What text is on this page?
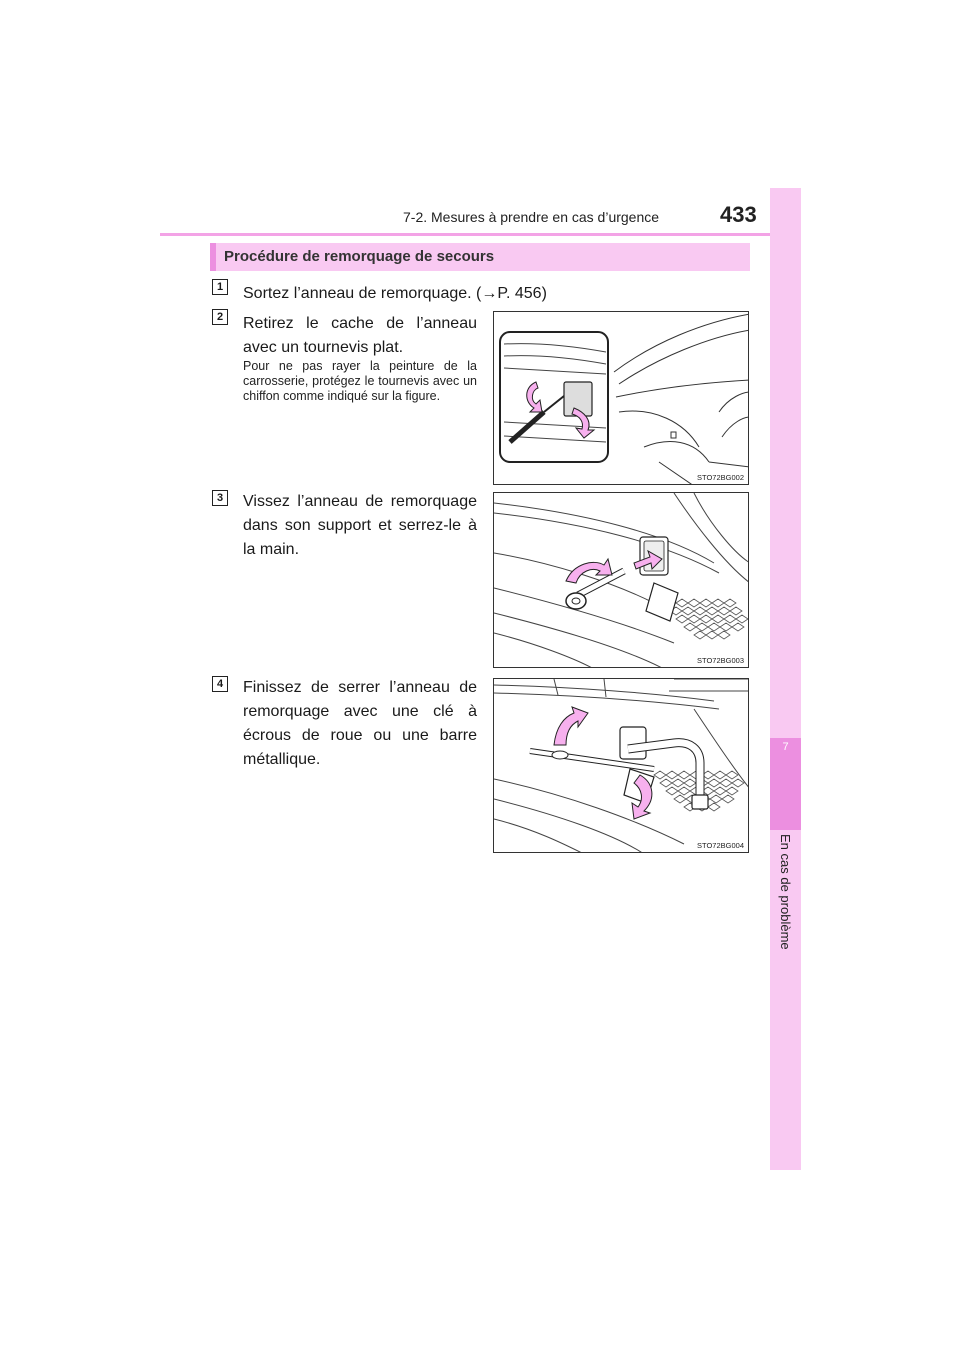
7-2. Mesures à prendre en cas d’urgence	433
7
En cas de problème
Procédure de remorquage de secours
1	Sortez l’anneau de remorquage. (→P. 456)
2	Retirez le cache de l’anneau avec un tournevis plat.
Pour ne pas rayer la peinture de la carrosserie, protégez le tournevis avec un chiffon comme indiqué sur la figure.
STO72BG002
3	Vissez l’anneau de remorquage dans son support et serrez-le à la main.
STO72BG003
4	Finissez de serrer l’anneau de remorquage avec une clé à écrous de roue ou une barre métallique.
STO72BG004
